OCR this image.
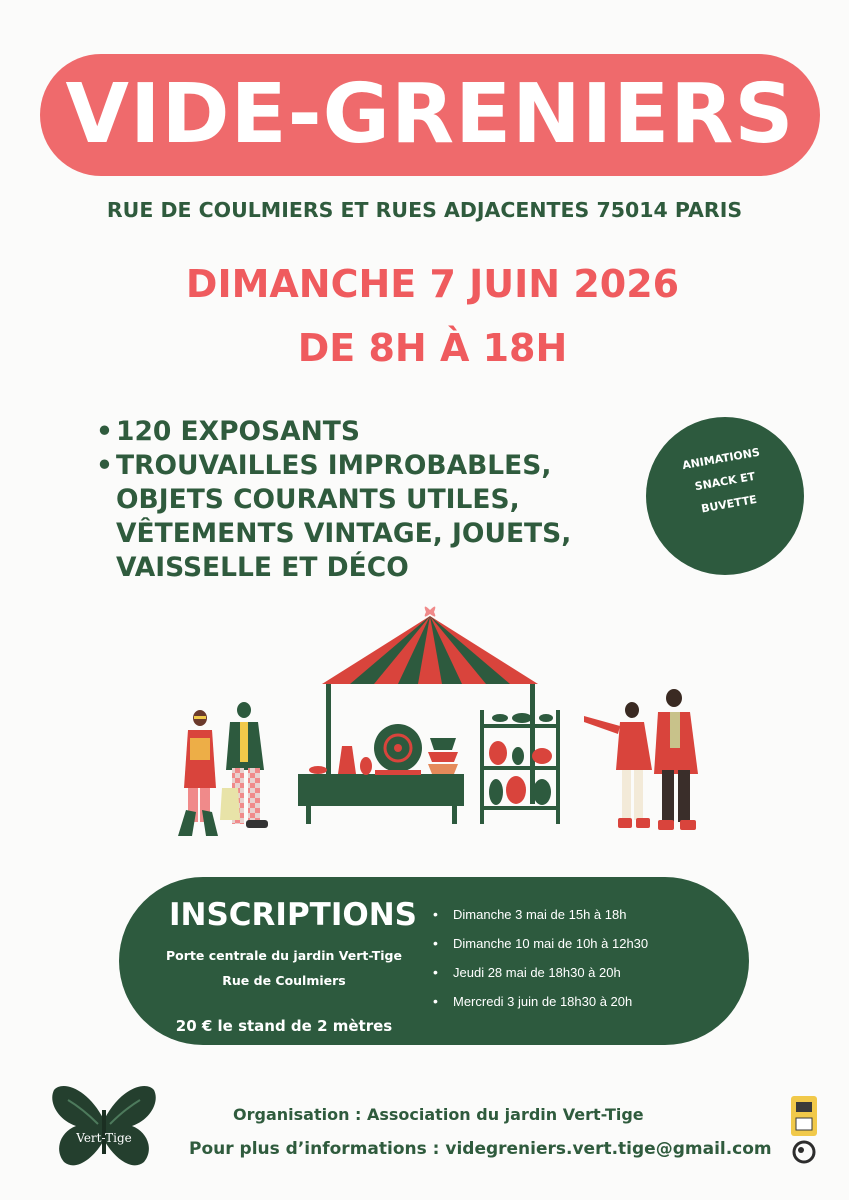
VIDE-GRENIERS
RUE DE COULMIERS ET RUES ADJACENTES 75014 PARIS
DIMANCHE 7 JUIN 2026
DE 8H À 18H
• 120 EXPOSANTS
• TROUVAILLES IMPROBABLES,
OBJETS COURANTS UTILES,
VÊTEMENTS VINTAGE, JOUETS,
VAISSELLE ET DÉCO
ANIMATIONS
SNACK ET
BUVETTE
INSCRIPTIONS
Porte centrale du jardin Vert-Tige
Rue de Coulmiers
20 € le stand de 2 mètres
• Dimanche 3 mai de 15h à 18h
• Dimanche 10 mai de 10h à 12h30
• Jeudi 28 mai de 18h30 à 20h
• Mercredi 3 juin de 18h30 à 20h
Vert-Tige
Organisation : Association du jardin Vert-Tige
Pour plus d’informations : videgreniers.vert.tige@gmail.com
